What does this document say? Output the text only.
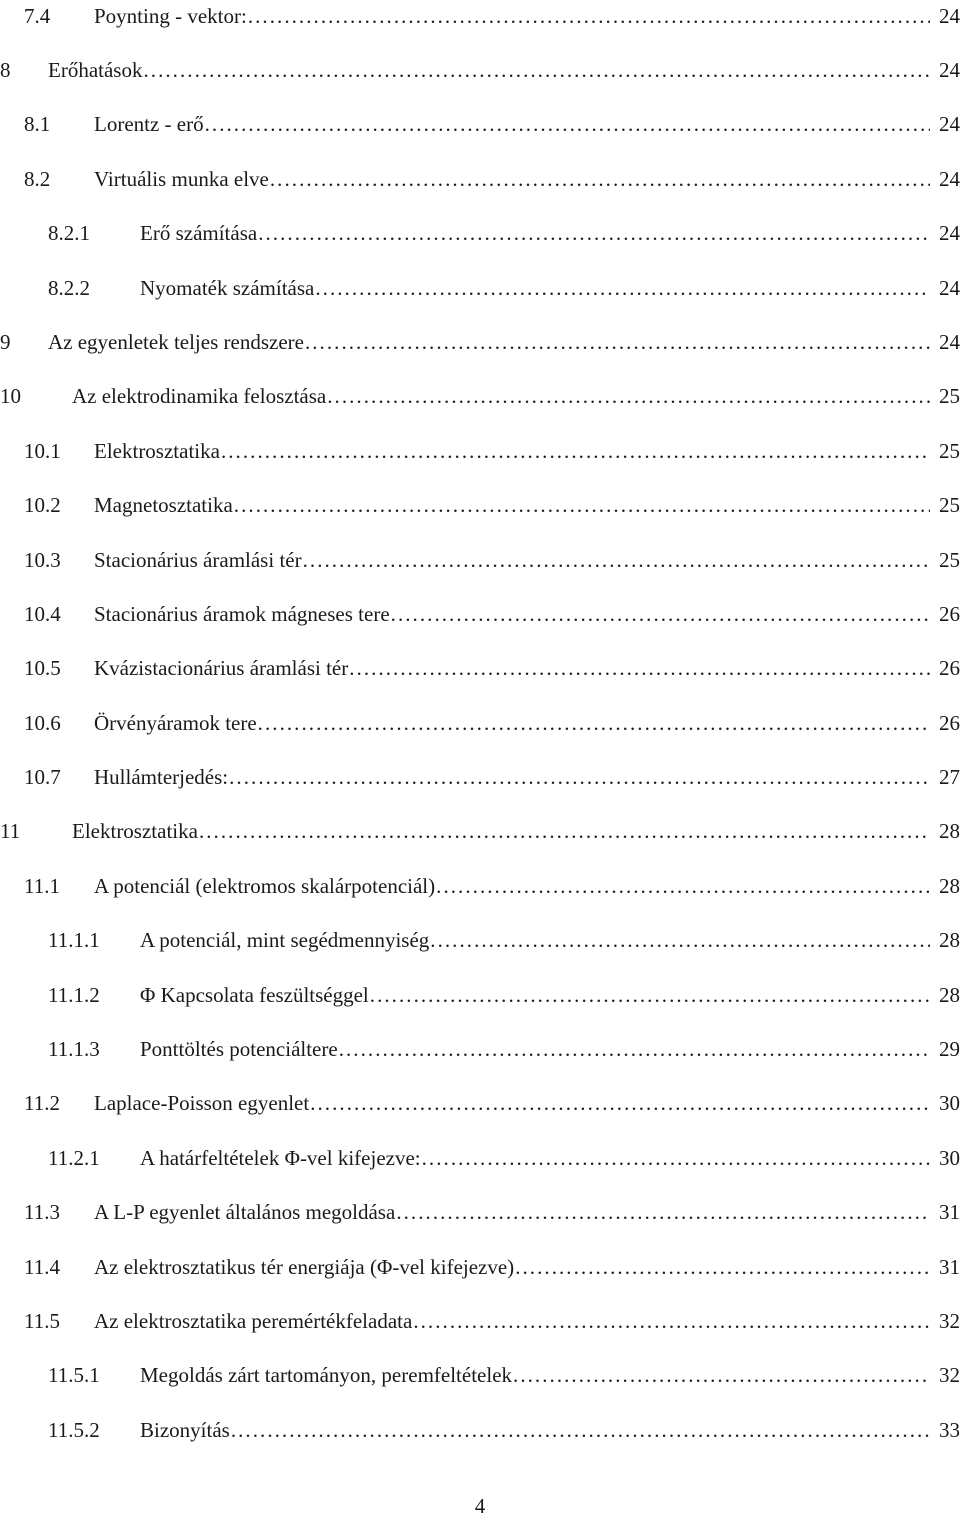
7.4	Poynting - vektor: . . .	24
8	Erőhatások . . .	24
8.1	Lorentz - erő . . .	24
8.2	Virtuális munka elve . . .	24
8.2.1	Erő számítása . . .	24
8.2.2	Nyomaték számítása . . .	24
9	Az egyenletek teljes rendszere . . .	24
10	Az elektrodinamika felosztása . . .	25
10.1	Elektrosztatika . . .	25
10.2	Magnetosztatika . . .	25
10.3	Stacionárius áramlási tér . . .	25
10.4	Stacionárius áramok mágneses tere . . .	26
10.5	Kvázistacionárius áramlási tér . . .	26
10.6	Örvényáramok tere . . .	26
10.7	Hullámterjedés: . . .	27
11	Elektrosztatika . . .	28
11.1	A potenciál (elektromos skalárpotenciál) . . .	28
11.1.1	A potenciál, mint segédmennyiség . . .	28
11.1.2	Φ Kapcsolata feszültséggel . . .	28
11.1.3	Ponttöltés potenciáltere . . .	29
11.2	Laplace-Poisson egyenlet . . .	30
11.2.1	A határfeltételek Φ-vel kifejezve: . . .	30
11.3	A L-P egyenlet általános megoldása . . .	31
11.4	Az elektrosztatikus tér energiája (Φ-vel kifejezve) . . .	31
11.5	Az elektrosztatika peremértékfeladata . . .	32
11.5.1	Megoldás zárt tartományon, peremfeltételek . . .	32
11.5.2	Bizonyítás . . .	33
4
